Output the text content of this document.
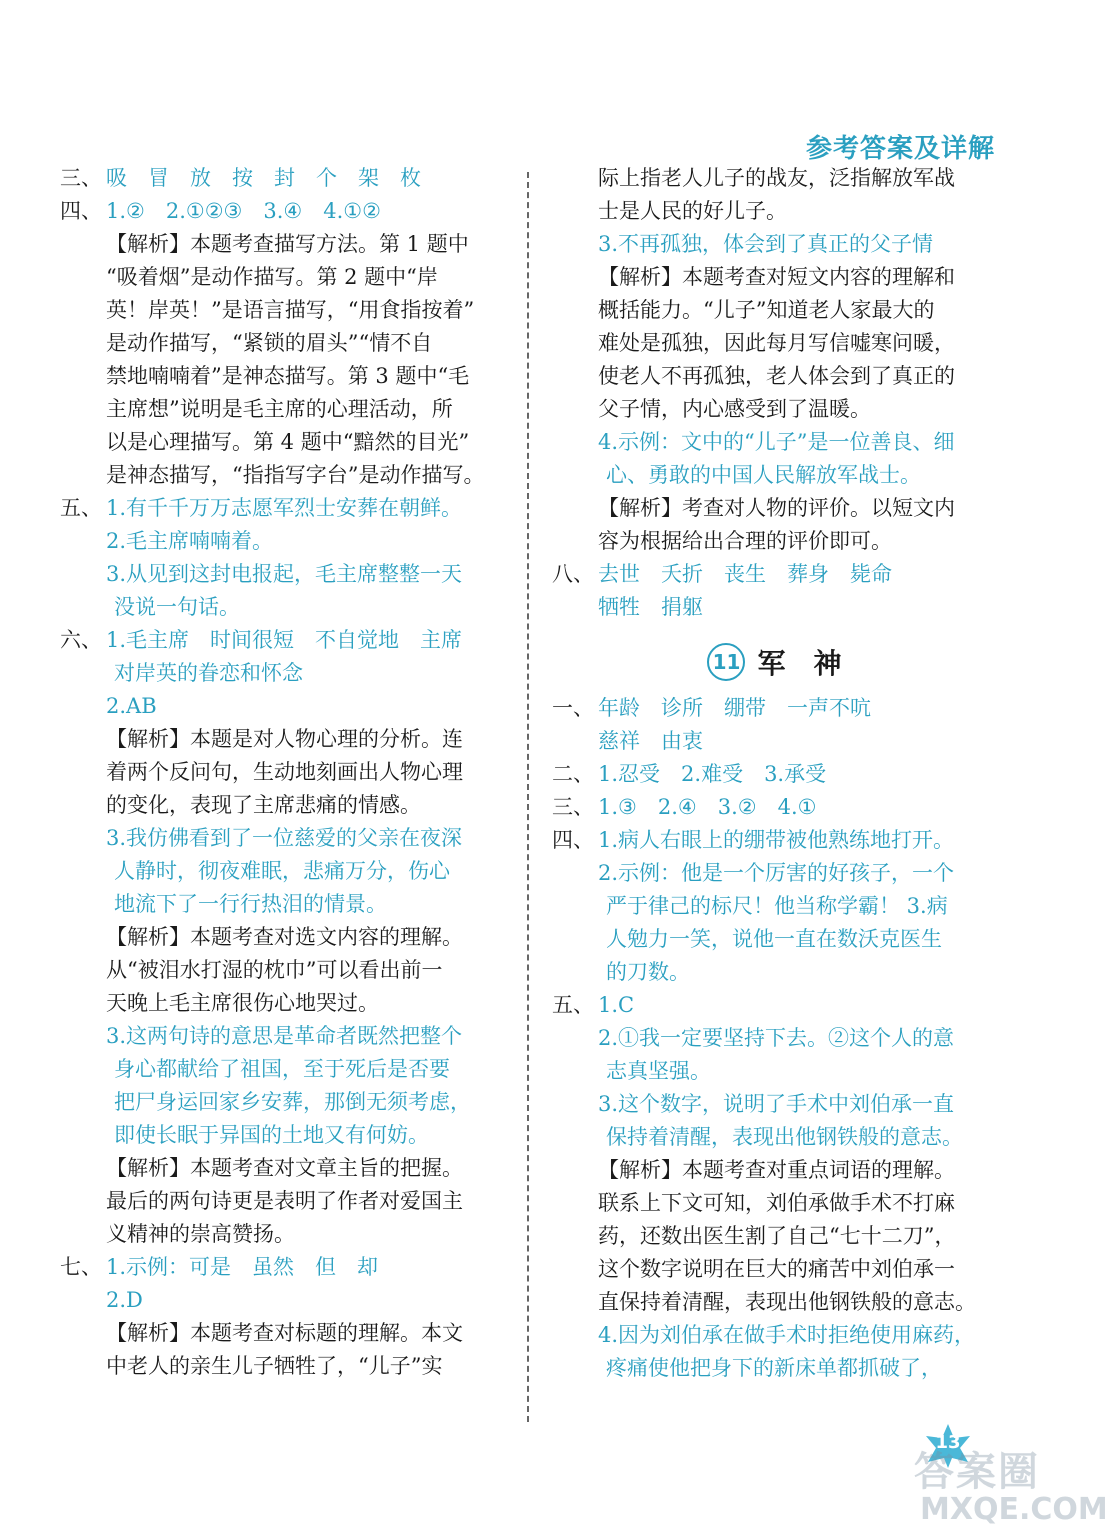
参考答案及详解
三、 吸　冒　放　按　封　个　架　枚
四、 1.②　2.①②③　3.④　4.①②
【解析】本题考查描写方法。第 1 题中
“吸着烟”是动作描写。第 2 题中“岸
英！岸英！”是语言描写，“用食指按着”
是动作描写，“紧锁的眉头”“情不自
禁地喃喃着”是神态描写。第 3 题中“毛
主席想”说明是毛主席的心理活动，所
以是心理描写。第 4 题中“黯然的目光”
是神态描写，“指指写字台”是动作描写。
五、 1.有千千万万志愿军烈士安葬在朝鲜。
2.毛主席喃喃着。
3.从见到这封电报起，毛主席整整一天
没说一句话。
六、 1.毛主席　时间很短　不自觉地　主席
对岸英的眷恋和怀念
2.AB
【解析】本题是对人物心理的分析。连
着两个反问句，生动地刻画出人物心理
的变化，表现了主席悲痛的情感。
3.我仿佛看到了一位慈爱的父亲在夜深
人静时，彻夜难眠，悲痛万分，伤心
地流下了一行行热泪的情景。
【解析】本题考查对选文内容的理解。
从“被泪水打湿的枕巾”可以看出前一
天晚上毛主席很伤心地哭过。
3.这两句诗的意思是革命者既然把整个
身心都献给了祖国，至于死后是否要
把尸身运回家乡安葬，那倒无须考虑，
即使长眠于异国的土地又有何妨。
【解析】本题考查对文章主旨的把握。
最后的两句诗更是表明了作者对爱国主
义精神的崇高赞扬。
七、 1.示例：可是　虽然　但　却
2.D
【解析】本题考查对标题的理解。本文
中老人的亲生儿子牺牲了，“儿子”实
际上指老人儿子的战友，泛指解放军战
士是人民的好儿子。
3.不再孤独，体会到了真正的父子情
【解析】本题考查对短文内容的理解和
概括能力。“儿子”知道老人家最大的
难处是孤独，因此每月写信嘘寒问暖，
使老人不再孤独，老人体会到了真正的
父子情，内心感受到了温暖。
4.示例：文中的“儿子”是一位善良、细
心、勇敢的中国人民解放军战士。
【解析】考查对人物的评价。以短文内
容为根据给出合理的评价即可。
八、 去世　夭折　丧生　葬身　毙命
牺牲　捐躯
11 军　神
一、 年龄　诊所　绷带　一声不吭
慈祥　由衷
二、 1.忍受　2.难受　3.承受
三、 1.③　2.④　3.②　4.①
四、 1.病人右眼上的绷带被他熟练地打开。
2.示例：他是一个厉害的好孩子，一个
严于律己的标尺！他当称学霸！ 3.病
人勉力一笑，说他一直在数沃克医生
的刀数。
五、 1.C
2.①我一定要坚持下去。②这个人的意
志真坚强。
3.这个数字，说明了手术中刘伯承一直
保持着清醒，表现出他钢铁般的意志。
【解析】本题考查对重点词语的理解。
联系上下文可知，刘伯承做手术不打麻
药，还数出医生割了自己“七十二刀”，
这个数字说明在巨大的痛苦中刘伯承一
直保持着清醒，表现出他钢铁般的意志。
4.因为刘伯承在做手术时拒绝使用麻药，
疼痛使他把身下的新床单都抓破了，
13
答案圈
MXQE.COM
